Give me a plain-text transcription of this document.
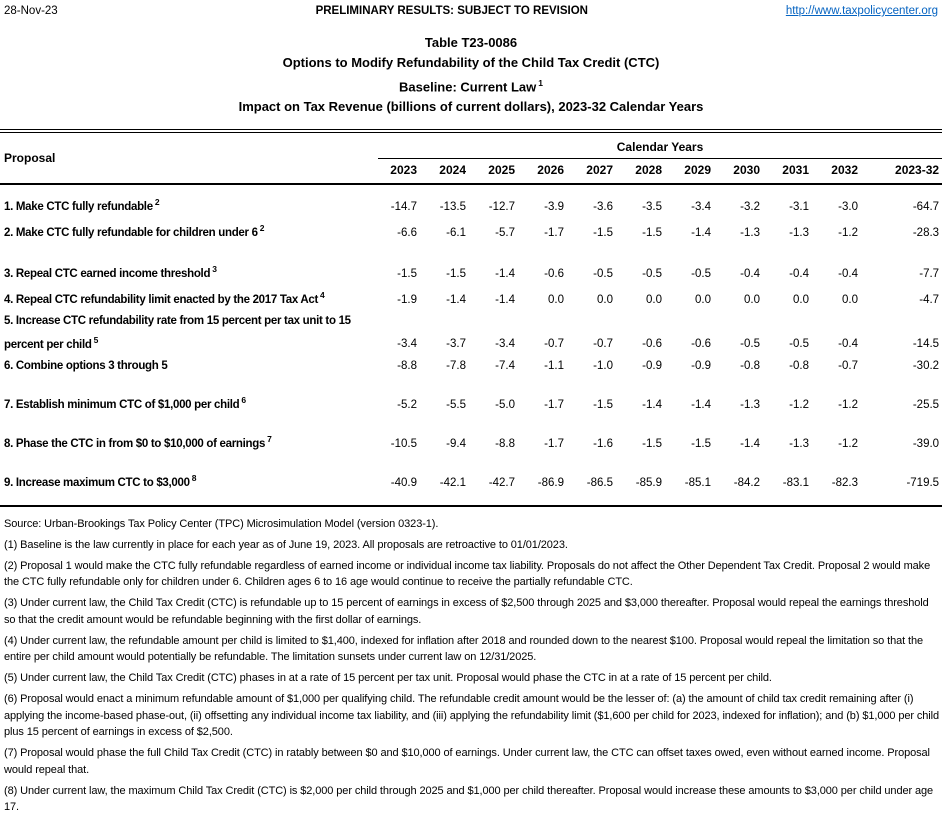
28-Nov-23	PRELIMINARY RESULTS: SUBJECT TO REVISION	http://www.taxpolicycenter.org
Table T23-0086
Options to Modify Refundability of the Child Tax Credit (CTC)
Baseline: Current Law $^1$
Impact on Tax Revenue (billions of current dollars), 2023-32 Calendar Years
Proposal	Calendar Years										
	2023	2024	2025	2026	2027	2028	2029	2030	2031	2032	2023-32
1. Make CTC fully refundable $^2$	-14.7	-13.5	-12.7	-3.9	-3.6	-3.5	-3.4	-3.2	-3.1	-3.0	-64.7
2. Make CTC fully refundable for children under 6 $^2$	-6.6	-6.1	-5.7	-1.7	-1.5	-1.5	-1.4	-1.3	-1.3	-1.2	-28.3
3. Repeal CTC earned income threshold $^3$	-1.5	-1.5	-1.4	-0.6	-0.5	-0.5	-0.5	-0.4	-0.4	-0.4	-7.7
4. Repeal CTC refundability limit enacted by the 2017 Tax Act $^4$	-1.9	-1.4	-1.4	0.0	0.0	0.0	0.0	0.0	0.0	0.0	-4.7
5. Increase CTC refundability rate from 15 percent per tax unit to 15
percent per child $^5$	-3.4	-3.7	-3.4	-0.7	-0.7	-0.6	-0.6	-0.5	-0.5	-0.4	-14.5
6. Combine options 3 through 5	-8.8	-7.8	-7.4	-1.1	-1.0	-0.9	-0.9	-0.8	-0.8	-0.7	-30.2
7. Establish minimum CTC of $1,000 per child $^6$	-5.2	-5.5	-5.0	-1.7	-1.5	-1.4	-1.4	-1.3	-1.2	-1.2	-25.5
8. Phase the CTC in from $0 to $10,000 of earnings $^7$	-10.5	-9.4	-8.8	-1.7	-1.6	-1.5	-1.5	-1.4	-1.3	-1.2	-39.0
9. Increase maximum CTC to $3,000 $^8$	-40.9	-42.1	-42.7	-86.9	-86.5	-85.9	-85.1	-84.2	-83.1	-82.3	-719.5

Source: Urban-Brookings Tax Policy Center (TPC) Microsimulation Model (version 0323-1).

(1) Baseline is the law currently in place for each year as of June 19, 2023. All proposals are retroactive to 01/01/2023.

(2) Proposal 1 would make the CTC fully refundable regardless of earned income or individual income tax liability. Proposals do not affect the Other Dependent Tax Credit. Proposal 2 would make the CTC fully refundable only for children under 6. Children ages 6 to 16 age would continue to receive the partially refundable CTC.

(3) Under current law, the Child Tax Credit (CTC) is refundable up to 15 percent of earnings in excess of $2,500 through 2025 and $3,000 thereafter. Proposal would repeal the earnings threshold so that the credit amount would be refundable beginning with the first dollar of earnings.

(4) Under current law, the refundable amount per child is limited to $1,400, indexed for inflation after 2018 and rounded down to the nearest $100. Proposal would repeal the limitation so that the entire per child amount would potentially be refundable. The limitation sunsets under current law on 12/31/2025.

(5) Under current law, the Child Tax Credit (CTC) phases in at a rate of 15 percent per tax unit. Proposal would phase the CTC in at a rate of 15 percent per child.

(6) Proposal would enact a minimum refundable amount of $1,000 per qualifying child. The refundable credit amount would be the lesser of: (a) the amount of child tax credit remaining after (i) applying the income-based phase-out, (ii) offsetting any individual income tax liability, and (iii) applying the refundability limit ($1,600 per child for 2023, indexed for inflation); and (b) $1,000 per child plus 15 percent of earnings in excess of $2,500.

(7) Proposal would phase the full Child Tax Credit (CTC) in ratably between $0 and $10,000 of earnings. Under current law, the CTC can offset taxes owed, even without earned income. Proposal would repeal that.

(8) Under current law, the maximum Child Tax Credit (CTC) is $2,000 per child through 2025 and $1,000 per child thereafter. Proposal would increase these amounts to $3,000 per child under age 17.
